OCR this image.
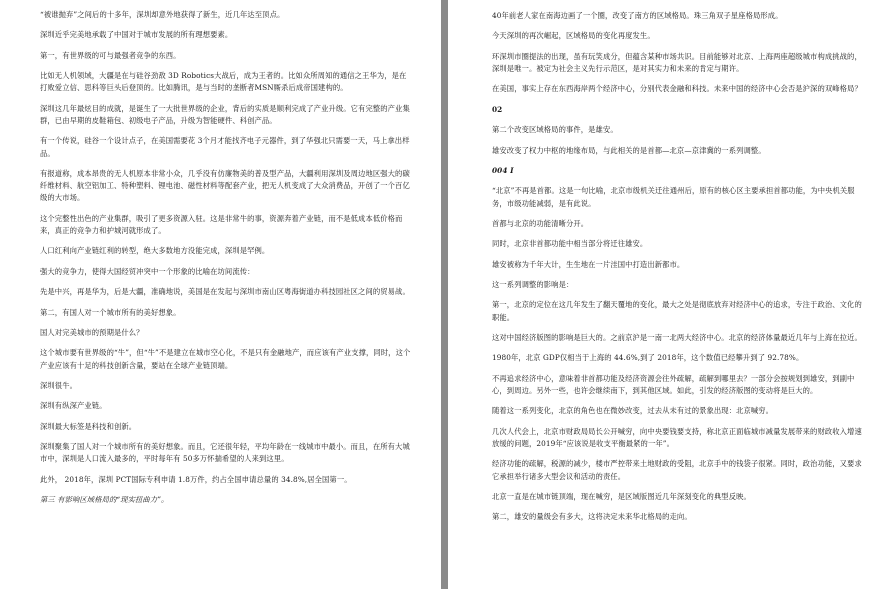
“被谁抛弃”之间后的十多年，深圳却意外地获得了新生，近几年达至顶点。

深圳近乎完美地承载了中国对于城市发展的所有理想要素。

第一，有世界级的可与最强者竞争的东西。

比如无人机领域，大疆是在与硅谷劲敌 3D Robotics大战后，成为王者的。比如众所周知的通信之王华为，是在打败爱立信、思科等巨头后登顶的。比如腾讯，是与当时的垄断者MSN厮杀后成帝国建构的。

深圳这几年最炫目的成就，是诞生了一大批世界级的企业，背后的实质是顺利完成了产业升级。它有完整的产业集群，已由早期的皮鞋箱包、初级电子产品，升级为智能硬件、科创产品。

有一个传说，硅谷一个设计点子，在美国需要花 3个月才能找齐电子元器件，到了华强北只需要一天，马上拿出样品。

有报道称，成本昂贵的无人机原本非常小众，几乎没有仿廉物美的普及型产品，大疆利用深圳及周边地区强大的碳纤维材料、航空铝加工、特种塑料、锂电池、磁性材料等配套产业，把无人机变成了大众消费品，开创了一个百亿级的大市场。

这个完整性出色的产业集群，吸引了更多资源入驻。这是非常牛的事，资源奔着产业链，而不是低成本低价格而来，真正的竞争力和护城河就形成了。

人口红利向产业链红利的转型，绝大多数地方没能完成，深圳是罕例。

强大的竞争力，使得大国经贸冲突中一个形象的比喻在坊间流传：

先是中兴，再是华为，后是大疆，准确地说，美国是在发起与深圳市南山区粤海街道办科技园社区之间的贸易战。

第二，有国人对一个城市所有的美好想象。

国人对完美城市的预期是什么？

这个城市要有世界级的“牛”，但“牛”不是建立在城市空心化，不是只有金融地产，而应该有产业支撑，同时，这个产业应该有十足的科技创新含量，要站在全球产业链顶端。

深圳很牛。

深圳有纵深产业链。

深圳最大标签是科技和创新。

深圳聚集了国人对一个城市所有的美好想象。而且，它还很年轻，平均年龄在一线城市中最小。而且，在所有大城市中，深圳是人口流入最多的，平时每年有 50多万怀揣希望的人来到这里。

此外， 2018年，深圳 PCT国际专利申请 1.8万件，约占全国申请总量的 34.8%,居全国第一。

第三 有影响区域格局的“现实扭曲力”。

40年前老人家在南海边画了一个圈，改变了南方的区域格局。珠三角双子星座格局形成。

今天深圳的再次崛起，区域格局的变化再度发生。

环深圳市圈提法的出现，虽有玩笑成分，但蕴含某种市场共识。目前能够对北京、上海两座超级城市构成挑战的，深圳是唯一。被定为社会主义先行示范区，是对其实力和未来的肯定与期许。

在美国，事实上存在东西海岸两个经济中心，分别代表金融和科技。未来中国的经济中心会否是沪深的双峰格局？

02

第二个改变区域格局的事件，是雄安。

雄安改变了权力中枢的地缘布局，与此相关的是首都—北京—京津冀的一系列调整。

004 I

“北京”不再是首都。这是一句比喻，北京市级机关迁往通州后，原有的核心区主要承担首都功能，为中央机关服务，市级功能减弱，是有此说。

首都与北京的功能清晰分开。

同时，北京非首都功能中相当部分将迁往雄安。

雄安被称为千年大计，生生地在一片洼国中打造出新都市。

这一系列调整的影响是：

第一，北京的定位在这几年发生了翻天覆地的变化，最大之处是彻底放弃对经济中心的追求，专注于政治、文化的职能。

这对中国经济版图的影响是巨大的。之前京沪是一南一北两大经济中心。北京的经济体量最近几年与上海在拉近。

1980年，北京 GDP仅相当于上海的 44.6%,到了 2018年，这个数值已经攀升到了 92.78%。

不再追求经济中心，意味着非首都功能及经济资源会往外疏解，疏解到哪里去？一部分会按规划到雄安，到副中心，到周边。另外一些，也许会继续南下，到其他区域。如此，引发的经济版图的变动将是巨大的。

随着这一系列变化，北京的角色也在微妙改变，过去从未有过的景象出现：北京喊穷。

几次人代会上，北京市财政局局长公开喊穷，向中央要钱要支持，称北京正面临城市减量发展带来的财政收入增速放缓的问题，2019年“应该说是收支平衡最紧的一年”。

经济功能的疏解，税源的减少，楼市严控带来土地财政的受阻，北京手中的钱袋子很紧。同时，政治功能，又要求它承担举行诸多大型会议和活动的责任。

北京一直是在城市链顶端，现在喊穷，是区域版图近几年深刻变化的典型反映。

第二，雄安的量级会有多大，这将决定未来华北格局的走向。
